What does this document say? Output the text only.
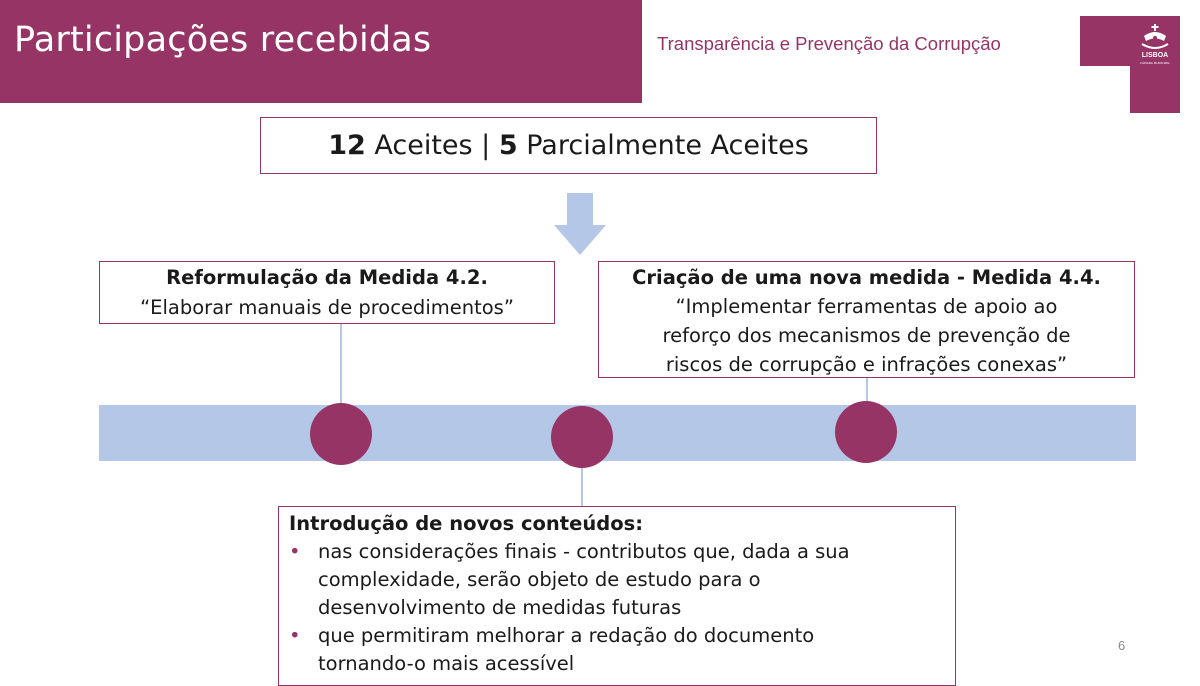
Participações recebidas	Transparência e Prevenção da Corrupção
LISBOA
CÂMARA MUNICIPAL
12 Aceites | 5 Parcialmente Aceites
Reformulação da Medida 4.2.
“Elaborar manuais de procedimentos”
Criação de uma nova medida - Medida 4.4.
“Implementar ferramentas de apoio ao
reforço dos mecanismos de prevenção de
riscos de corrupção e infrações conexas”
Introdução de novos conteúdos:
• nas considerações finais - contributos que, dada a sua
complexidade, serão objeto de estudo para o
desenvolvimento de medidas futuras
• que permitiram melhorar a redação do documento
tornando-o mais acessível
6
